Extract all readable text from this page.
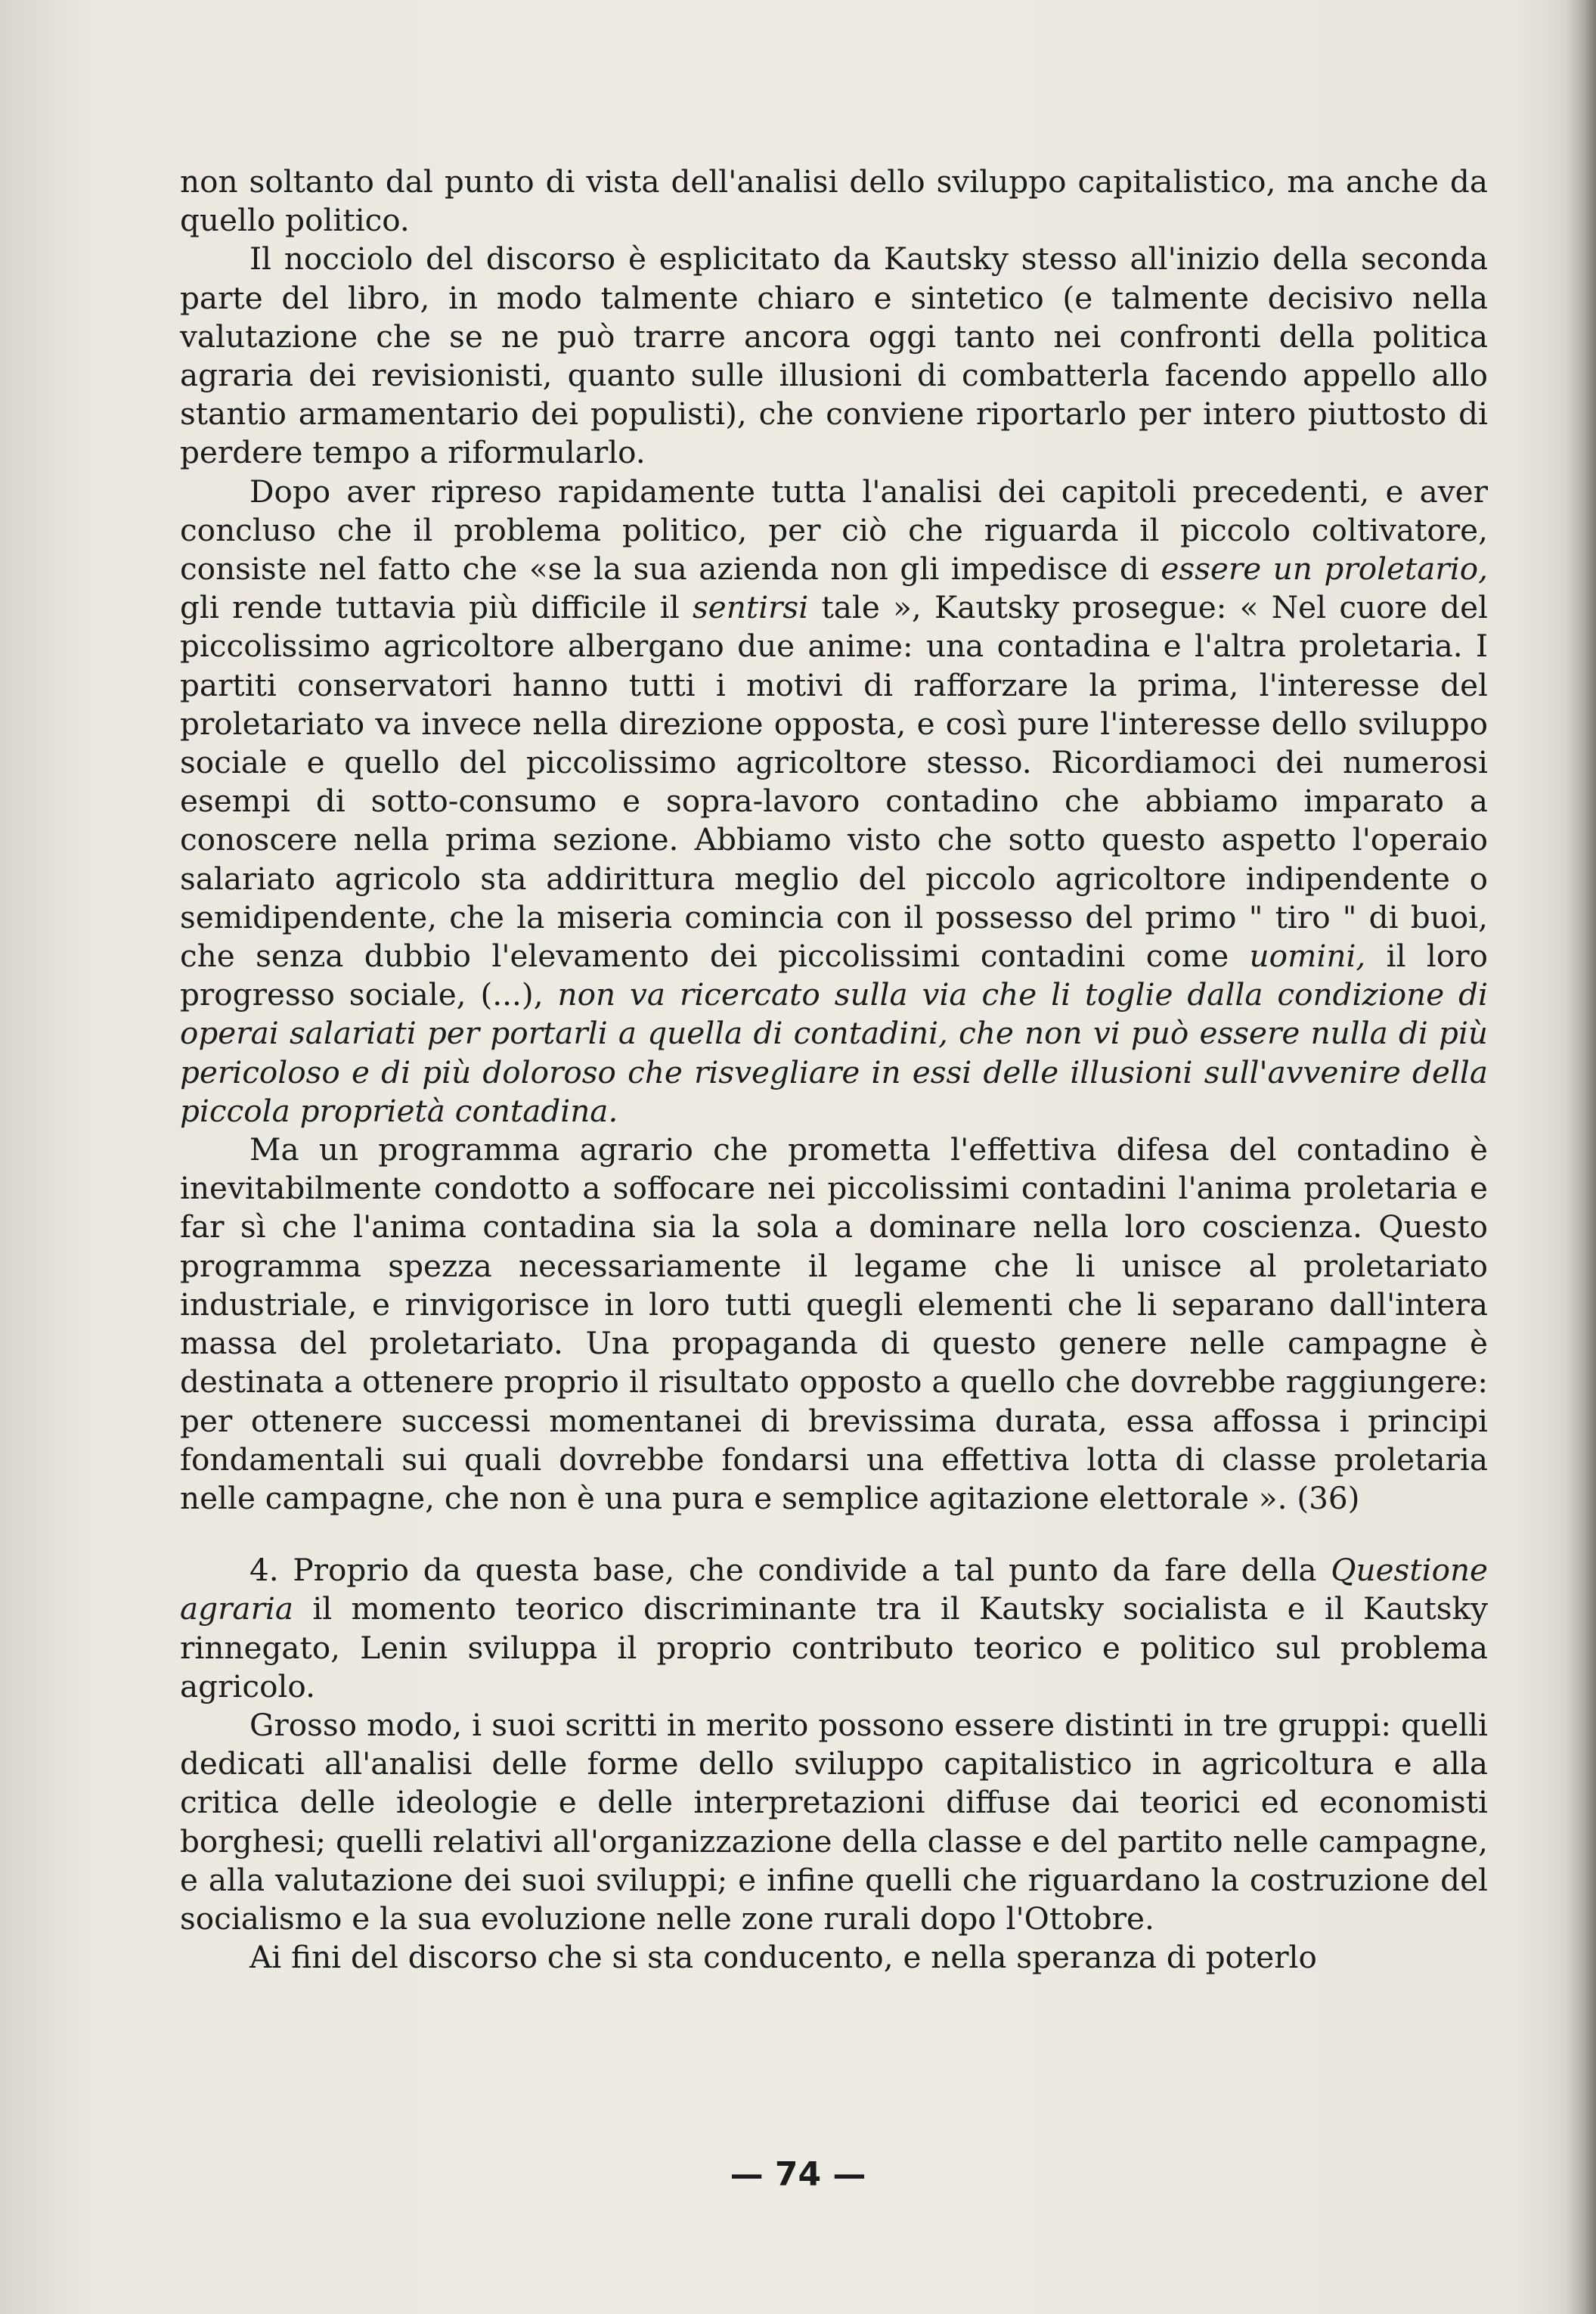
non soltanto dal punto di vista dell'analisi dello sviluppo capitalistico, ma anche da quello politico.

Il nocciolo del discorso è esplicitato da Kautsky stesso all'inizio della seconda parte del libro, in modo talmente chiaro e sintetico (e talmente decisivo nella valutazione che se ne può trarre ancora oggi tanto nei confronti della politica agraria dei revisionisti, quanto sulle illusioni di combatterla facendo appello allo stantio armamentario dei populisti), che conviene riportarlo per intero piuttosto di perdere tempo a riformularlo.

Dopo aver ripreso rapidamente tutta l'analisi dei capitoli precedenti, e aver concluso che il problema politico, per ciò che riguarda il piccolo coltivatore, consiste nel fatto che «se la sua azienda non gli impedisce di essere un proletario, gli rende tuttavia più difficile il sentirsi tale », Kautsky prosegue: « Nel cuore del piccolissimo agricoltore albergano due anime: una contadina e l'altra proletaria. I partiti conservatori hanno tutti i motivi di rafforzare la prima, l'interesse del proletariato va invece nella direzione opposta, e così pure l'interesse dello sviluppo sociale e quello del piccolissimo agricoltore stesso. Ricordiamoci dei numerosi esempi di sotto-consumo e sopra-lavoro contadino che abbiamo imparato a conoscere nella prima sezione. Abbiamo visto che sotto questo aspetto l'operaio salariato agricolo sta addirittura meglio del piccolo agricoltore indipendente o semidipendente, che la miseria comincia con il possesso del primo " tiro " di buoi, che senza dubbio l'elevamento dei piccolissimi contadini come uomini, il loro progresso sociale, (...), non va ricercato sulla via che li toglie dalla condizione di operai salariati per portarli a quella di contadini, che non vi può essere nulla di più pericoloso e di più doloroso che risvegliare in essi delle illusioni sull'avvenire della piccola proprietà contadina.

Ma un programma agrario che prometta l'effettiva difesa del contadino è inevitabilmente condotto a soffocare nei piccolissimi contadini l'anima proletaria e far sì che l'anima contadina sia la sola a dominare nella loro coscienza. Questo programma spezza necessariamente il legame che li unisce al proletariato industriale, e rinvigorisce in loro tutti quegli elementi che li separano dall'intera massa del proletariato. Una propaganda di questo genere nelle campagne è destinata a ottenere proprio il risultato opposto a quello che dovrebbe raggiungere: per ottenere successi momentanei di brevissima durata, essa affossa i principi fondamentali sui quali dovrebbe fondarsi una effettiva lotta di classe proletaria nelle campagne, che non è una pura e semplice agitazione elettorale ». (36)

4. Proprio da questa base, che condivide a tal punto da fare della Questione agraria il momento teorico discriminante tra il Kautsky socialista e il Kautsky rinnegato, Lenin sviluppa il proprio contributo teorico e politico sul problema agricolo.

Grosso modo, i suoi scritti in merito possono essere distinti in tre gruppi: quelli dedicati all'analisi delle forme dello sviluppo capitalistico in agricoltura e alla critica delle ideologie e delle interpretazioni diffuse dai teorici ed economisti borghesi; quelli relativi all'organizzazione della classe e del partito nelle campagne, e alla valutazione dei suoi sviluppi; e infine quelli che riguardano la costruzione del socialismo e la sua evoluzione nelle zone rurali dopo l'Ottobre.

Ai fini del discorso che si sta conducento, e nella speranza di poterlo

— 74 —
